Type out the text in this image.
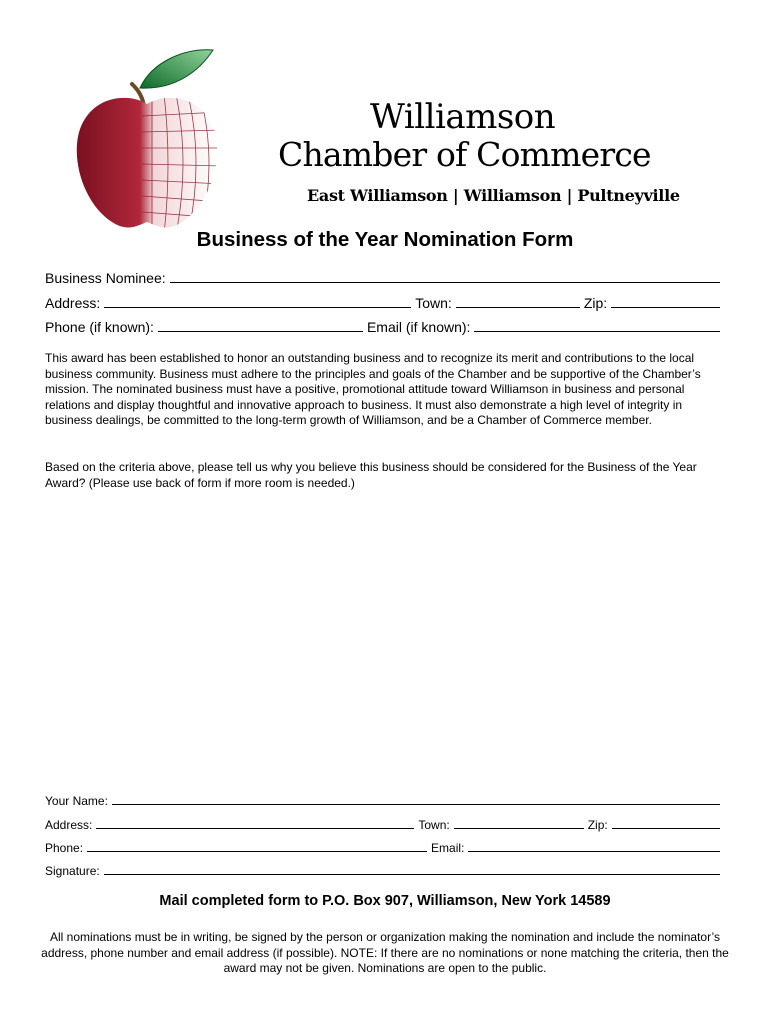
Williamson
Chamber of Commerce
East Williamson | Williamson | Pultneyville
Business of the Year Nomination Form
Business Nominee:
Address:	Town:	Zip:
Phone (if known):	Email (if known):
This award has been established to honor an outstanding business and to recognize its merit and contributions to the local business community. Business must adhere to the principles and goals of the Chamber and be supportive of the Chamber’s mission. The nominated business must have a positive, promotional attitude toward Williamson in business and personal relations and display thoughtful and innovative approach to business. It must also demonstrate a high level of integrity in business dealings, be committed to the long-term growth of Williamson, and be a Chamber of Commerce member.
Based on the criteria above, please tell us why you believe this business should be considered for the Business of the Year Award? (Please use back of form if more room is needed.)
Your Name:
Address:	Town:	Zip:
Phone:	Email:
Signature:
Mail completed form to P.O. Box 907, Williamson, New York 14589
All nominations must be in writing, be signed by the person or organization making the nomination and include the nominator’s address, phone number and email address (if possible). NOTE: If there are no nominations or none matching the criteria, then the award may not be given. Nominations are open to the public.
